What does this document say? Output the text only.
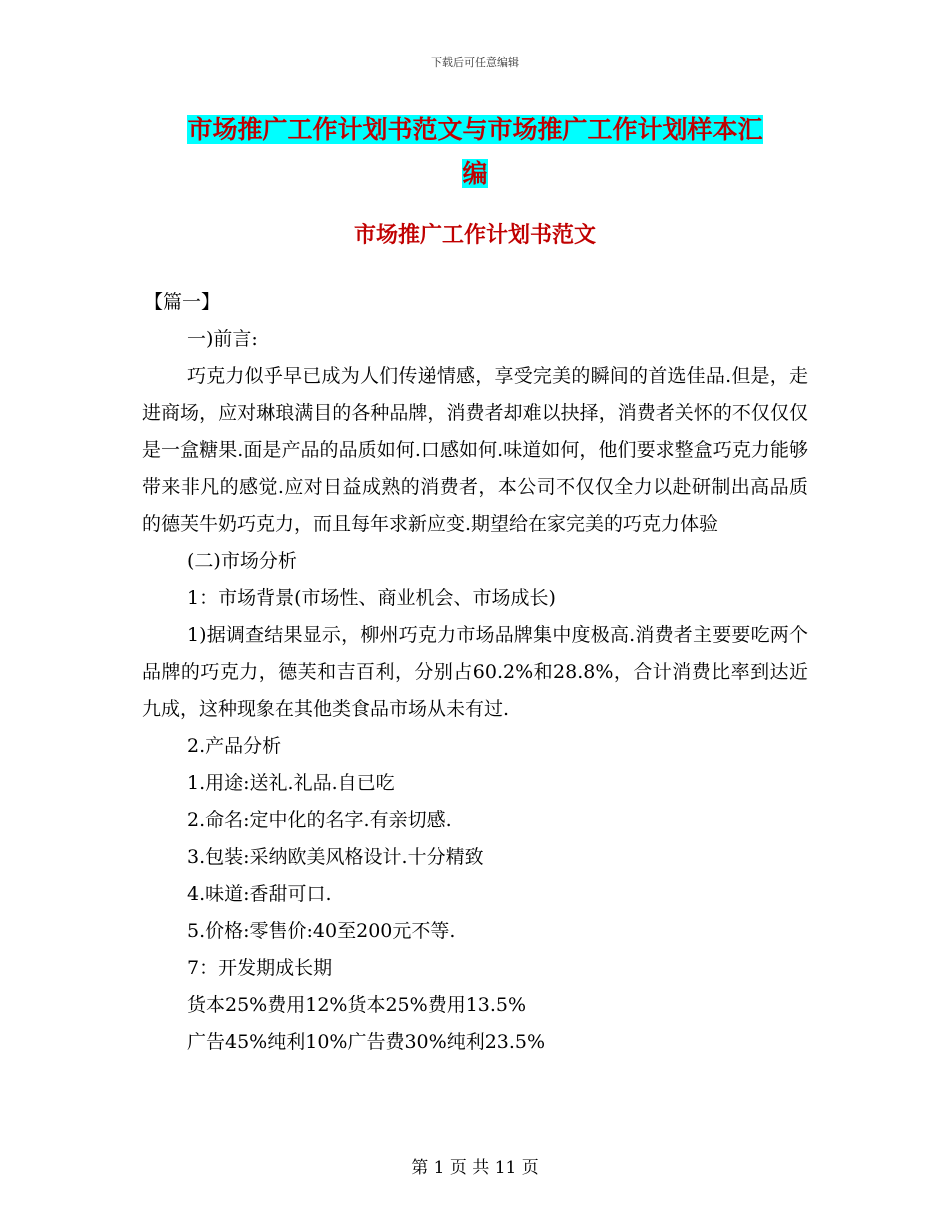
下载后可任意编辑
市场推广工作计划书范文与市场推广工作计划样本汇
编
市场推广工作计划书范文

【篇一】

一)前言:

巧克力似乎早已成为人们传递情感，享受完美的瞬间的首选佳品.但是，走进商场，应对琳琅满目的各种品牌，消费者却难以抉择，消费者关怀的不仅仅仅是一盒糖果.面是产品的品质如何.口感如何.味道如何，他们要求整盒巧克力能够带来非凡的感觉.应对日益成熟的消费者，本公司不仅仅全力以赴研制出高品质的德芙牛奶巧克力，而且每年求新应变.期望给在家完美的巧克力体验

(二)市场分析

1：市场背景(市场性、商业机会、市场成长)

1)据调查结果显示，柳州巧克力市场品牌集中度极高.消费者主要要吃两个品牌的巧克力，德芙和吉百利，分别占60.2%和28.8%，合计消费比率到达近九成，这种现象在其他类食品市场从未有过.

2.产品分析

1.用途:送礼.礼品.自已吃

2.命名:定中化的名字.有亲切感.

3.包装:采纳欧美风格设计.十分精致

4.味道:香甜可口.

5.价格:零售价:40至200元不等.

7：开发期成长期

货本25%费用12%货本25%费用13.5%

广告45%纯利10%广告费30%纯利23.5%

第 1 页 共 11 页
